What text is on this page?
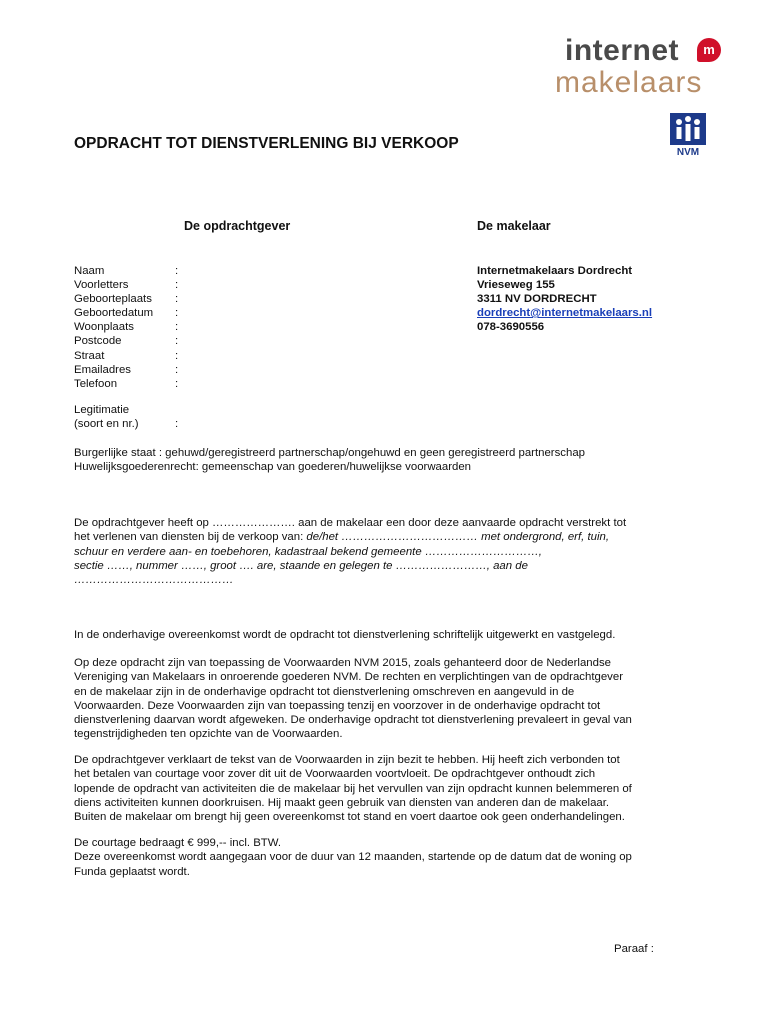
internet	m
makelaars
NVM
OPDRACHT TOT DIENSTVERLENING BIJ VERKOOP
De opdrachtgever	De makelaar
Naam	:
Voorletters	:
Geboorteplaats	:
Geboortedatum	:
Woonplaats	:
Postcode	:
Straat	:
Emailadres	:
Telefoon	:
Legitimatie
(soort en nr.)	:
Internetmakelaars Dordrecht
Vrieseweg 155
3311 NV DORDRECHT
dordrecht@internetmakelaars.nl
078-3690556
Burgerlijke staat : gehuwd/geregistreerd partnerschap/ongehuwd en geen geregistreerd partnerschap
Huwelijksgoederenrecht: gemeenschap van goederen/huwelijkse voorwaarden
De opdrachtgever heeft op …………………. aan de makelaar een door deze aanvaarde opdracht verstrekt tot
het verlenen van diensten bij de verkoop van: de/het ……………………………… met ondergrond, erf, tuin,
schuur en verdere aan- en toebehoren, kadastraal bekend gemeente …………………………,
sectie ……, nummer ……, groot …. are, staande en gelegen te ……………………, aan de
……………………………………
In de onderhavige overeenkomst wordt de opdracht tot dienstverlening schriftelijk uitgewerkt en vastgelegd.
Op deze opdracht zijn van toepassing de Voorwaarden NVM 2015, zoals gehanteerd door de Nederlandse
Vereniging van Makelaars in onroerende goederen NVM. De rechten en verplichtingen van de opdrachtgever
en de makelaar zijn in de onderhavige opdracht tot dienstverlening omschreven en aangevuld in de
Voorwaarden. Deze Voorwaarden zijn van toepassing tenzij en voorzover in de onderhavige opdracht tot
dienstverlening daarvan wordt afgeweken. De onderhavige opdracht tot dienstverlening prevaleert in geval van
tegenstrijdigheden ten opzichte van de Voorwaarden.
De opdrachtgever verklaart de tekst van de Voorwaarden in zijn bezit te hebben. Hij heeft zich verbonden tot
het betalen van courtage voor zover dit uit de Voorwaarden voortvloeit. De opdrachtgever onthoudt zich
lopende de opdracht van activiteiten die de makelaar bij het vervullen van zijn opdracht kunnen belemmeren of
diens activiteiten kunnen doorkruisen. Hij maakt geen gebruik van diensten van anderen dan de makelaar.
Buiten de makelaar om brengt hij geen overeenkomst tot stand en voert daartoe ook geen onderhandelingen.
De courtage bedraagt € 999,-- incl. BTW.
Deze overeenkomst wordt aangegaan voor de duur van 12 maanden, startende op de datum dat de woning op
Funda geplaatst wordt.
Paraaf :
